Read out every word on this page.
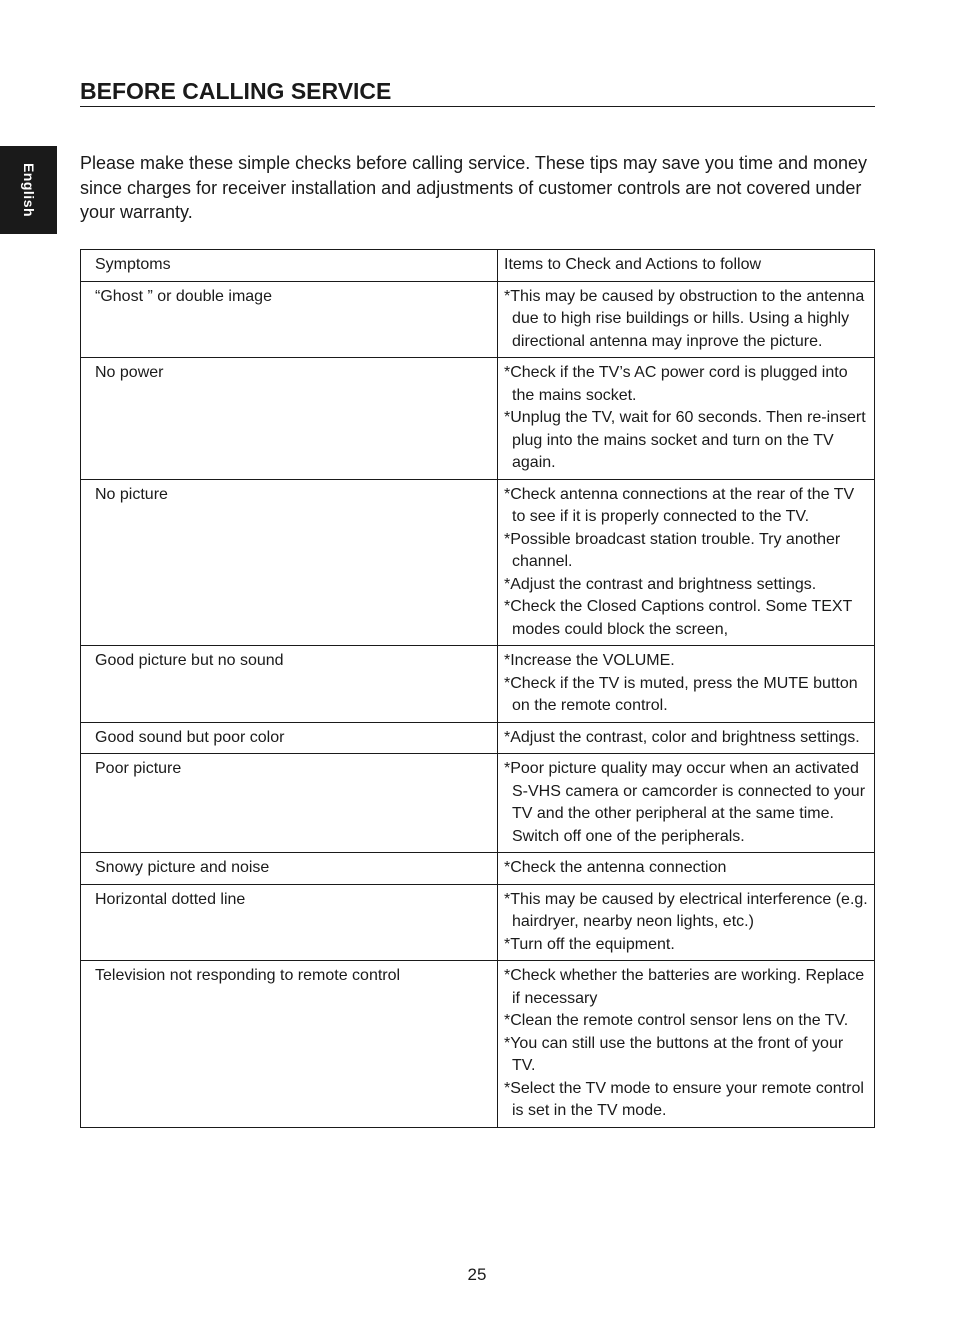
English
BEFORE CALLING SERVICE

Please make these simple checks before calling service. These tips may save you time and money since charges for receiver installation and adjustments of customer controls are not covered under your warranty.

Symptoms	Items to Check and Actions to follow
“Ghost ” or double image	*This may be caused by obstruction to the antenna due to high rise buildings or hills. Using a highly directional antenna may inprove the picture.

No power	*Check if the TV’s AC power cord is plugged into the mains socket.
*Unplug the TV, wait for 60 seconds. Then re-insert plug into the mains socket and turn on the TV again.

No picture	*Check antenna connections at the rear of the TV to see if it is properly connected to the TV.
*Possible broadcast station trouble. Try another channel.
*Adjust the contrast and brightness settings.
*Check the Closed Captions control. Some TEXT modes could block the screen,

Good picture but no sound	*Increase the VOLUME.
*Check if the TV is muted, press the MUTE button on the remote control.

Good sound but poor color	*Adjust the contrast, color and brightness settings.

Poor picture	*Poor picture quality may occur when an activated S-VHS camera or camcorder is connected to your TV and the other peripheral at the same time. Switch off one of the peripherals.

Snowy picture and noise	*Check the antenna connection

Horizontal dotted line	*This may be caused by electrical interference (e.g. hairdryer, nearby neon lights, etc.)
*Turn off the equipment.

Television not responding to remote control	*Check whether the batteries are working. Replace if necessary
*Clean the remote control sensor lens on the TV.
*You can still use the buttons at the front of your TV.
*Select the TV mode to ensure your remote control is set in the TV mode.
25
